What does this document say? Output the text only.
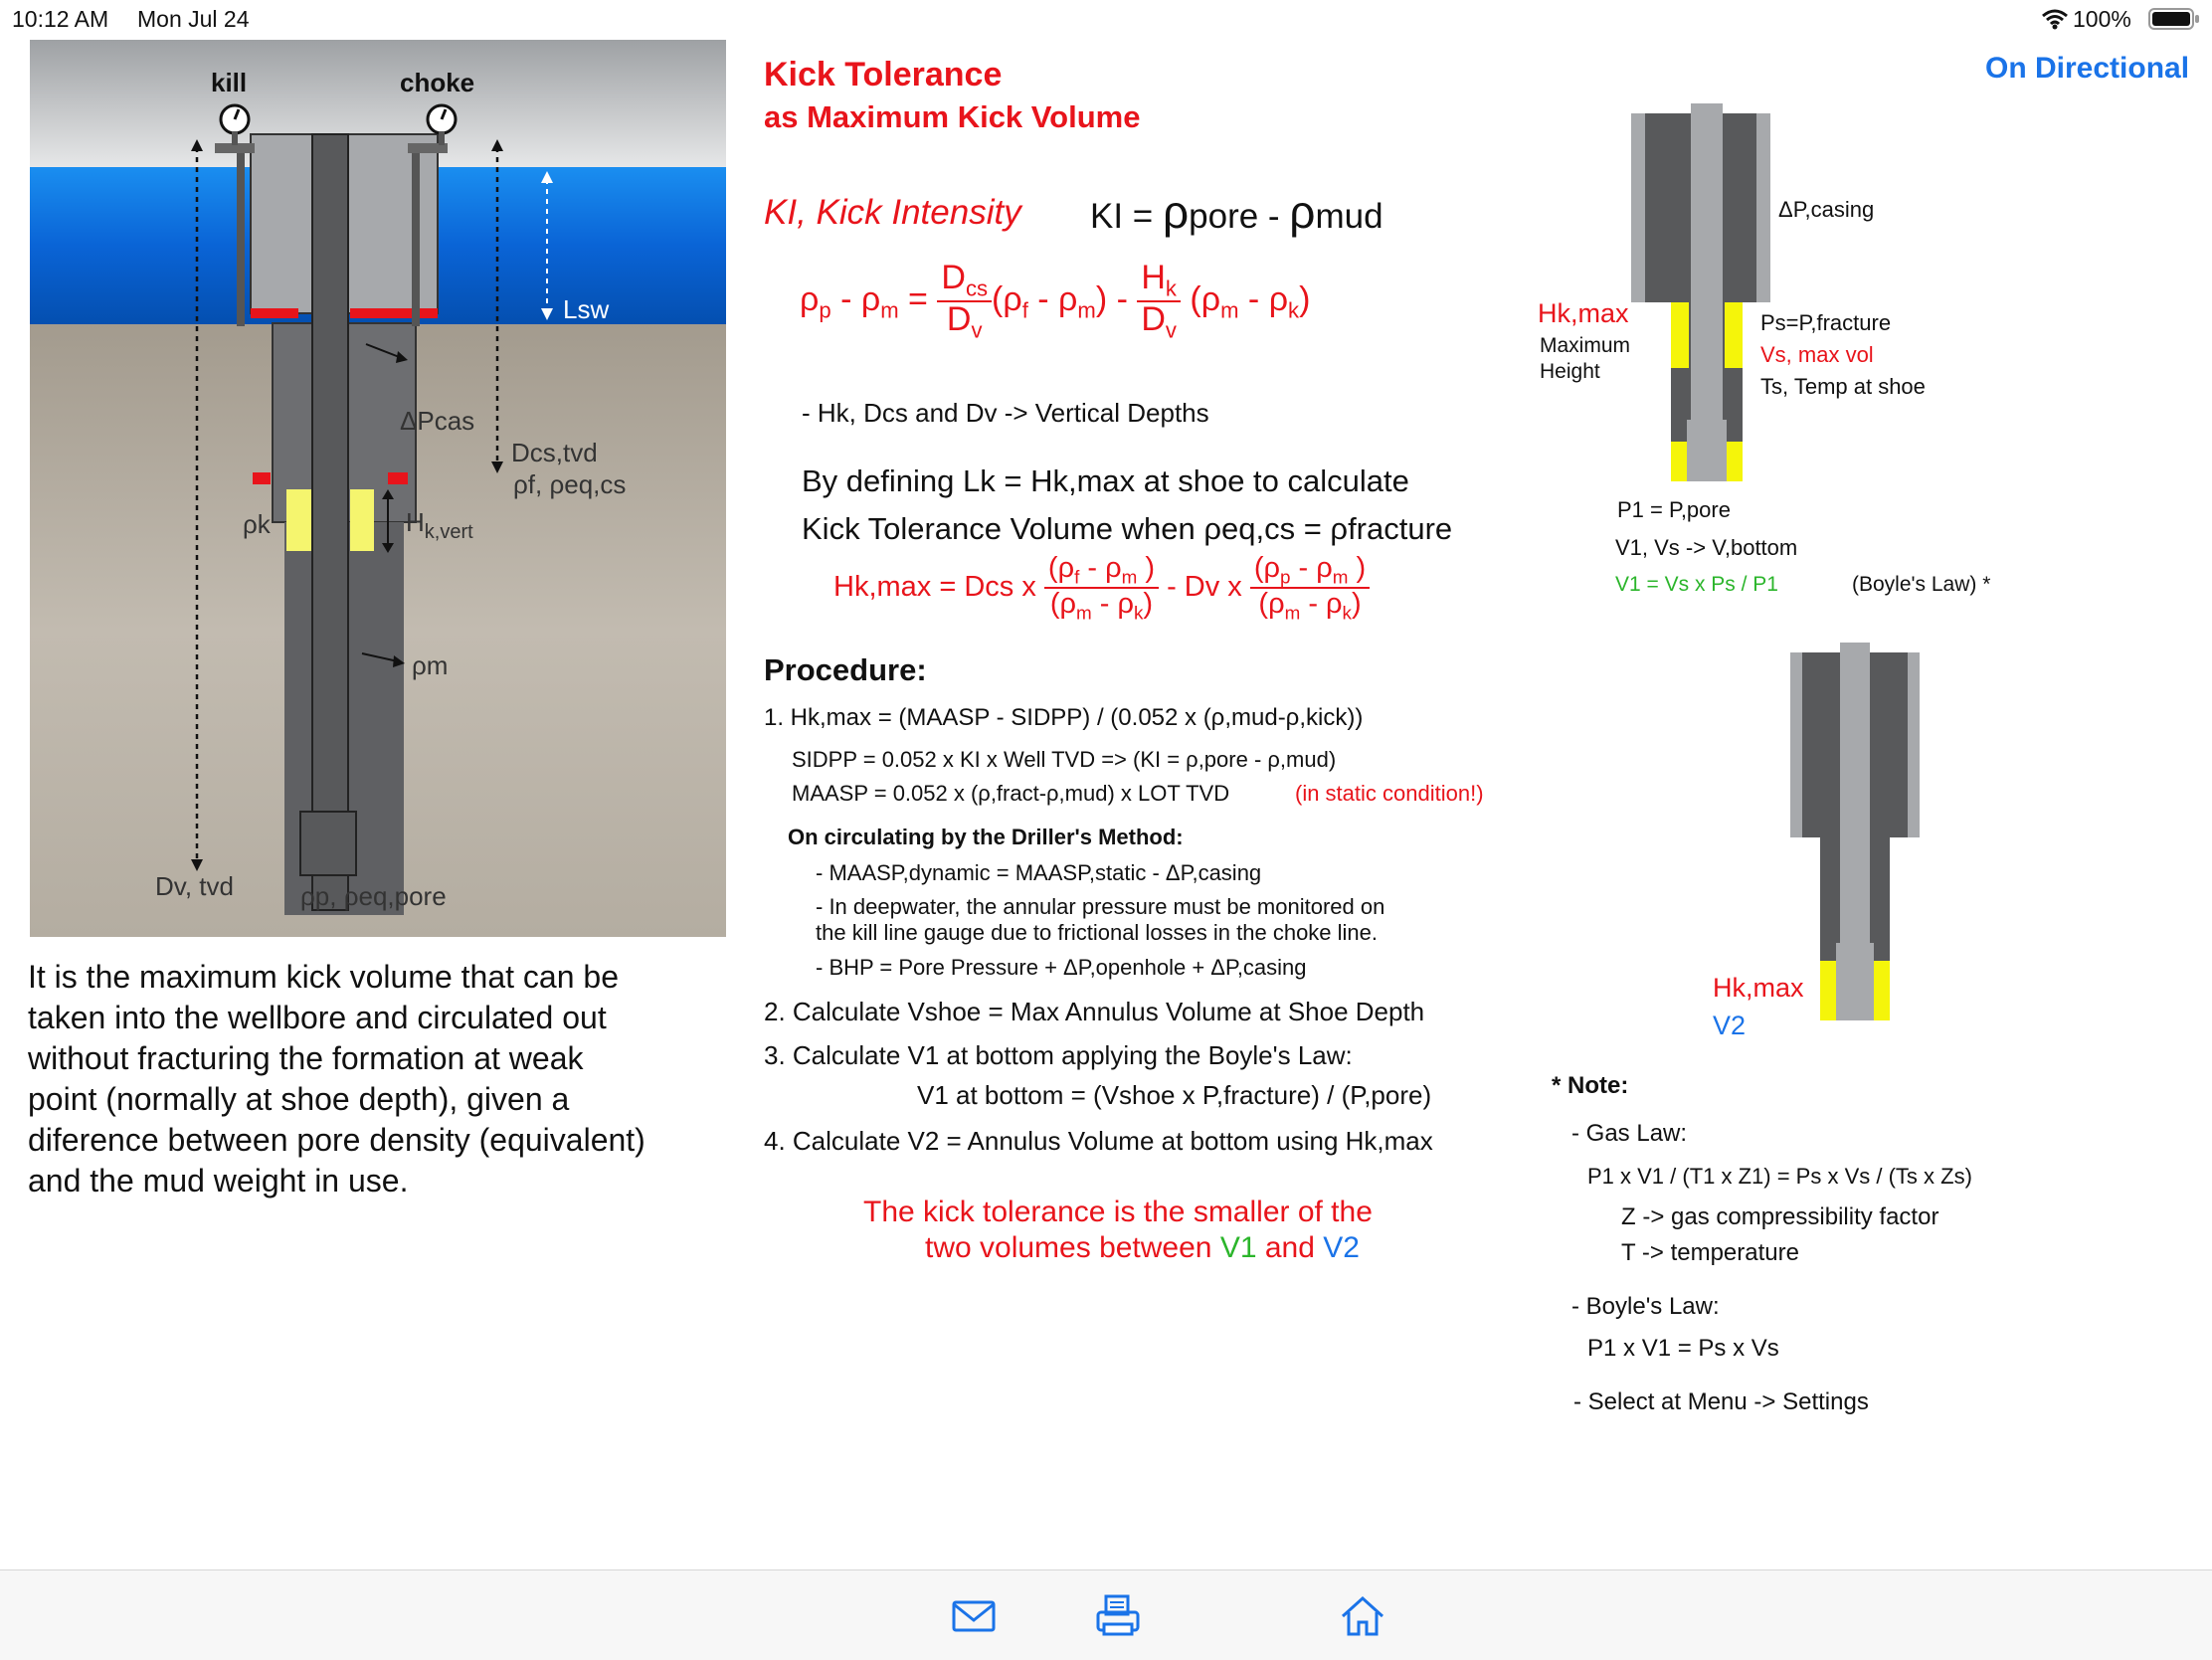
10:12 AM Mon Jul 24	100%
kill	choke
Lsw
ΔPcas
Dcs,tvd
ρf, ρeq,cs
ρk	$H_{k,vert}$
ρm
Dv, tvd	ρp, ρeq,pore
It is the maximum kick volume that can be
taken into the wellbore and circulated out
without fracturing the formation at weak
point (normally at shoe depth), given a
diference between pore density (equivalent)
and the mud weight in use.
Kick Tolerance
as Maximum Kick Volume
On Directional
KI, Kick Intensity KI = ρpore - ρmud
$\rho_p - \rho_m = \frac{D_{cs}}{D_v} (\rho_f - \rho_m) - \frac{H_k}{D_v} (\rho_m - \rho_k)$
- Hk, Dcs and Dv -> Vertical Depths
By defining Lk = Hk,max at shoe to calculate
Kick Tolerance Volume when ρeq,cs = ρfracture
Hk,max = Dcs x $\frac{(\rho_f - \rho_m )}{(\rho_m - \rho_k)}$ - Dv x $\frac{(\rho_p - \rho_m )}{(\rho_m - \rho_k)}$
Procedure:
1. Hk,max = (MAASP - SIDPP) / (0.052 x (ρ,mud-ρ,kick))
SIDPP = 0.052 x KI x Well TVD => (KI = ρ,pore - ρ,mud)
MAASP = 0.052 x (ρ,fract-ρ,mud) x LOT TVD	(in static condition!)
On circulating by the Driller's Method:
- MAASP,dynamic = MAASP,static - ΔP,casing
- In deepwater, the annular pressure must be monitored on
the kill line gauge due to frictional losses in the choke line.
- BHP = Pore Pressure + ΔP,openhole + ΔP,casing
2. Calculate Vshoe = Max Annulus Volume at Shoe Depth
3. Calculate V1 at bottom applying the Boyle's Law:
V1 at bottom = (Vshoe x P,fracture) / (P,pore)
4. Calculate V2 = Annulus Volume at bottom using Hk,max
The kick tolerance is the smaller of the
two volumes between V1 and V2
ΔP,casing
Hk,max
Maximum
Height
Ps=P,fracture
Vs, max vol
Ts, Temp at shoe
P1 = P,pore
V1, Vs -> V,bottom
V1 = Vs x Ps / P1	(Boyle's Law) *
Hk,max
V2
* Note:
- Gas Law:
P1 x V1 / (T1 x Z1) = Ps x Vs / (Ts x Zs)
Z -> gas compressibility factor
T -> temperature
- Boyle's Law:
P1 x V1 = Ps x Vs
- Select at Menu -> Settings
